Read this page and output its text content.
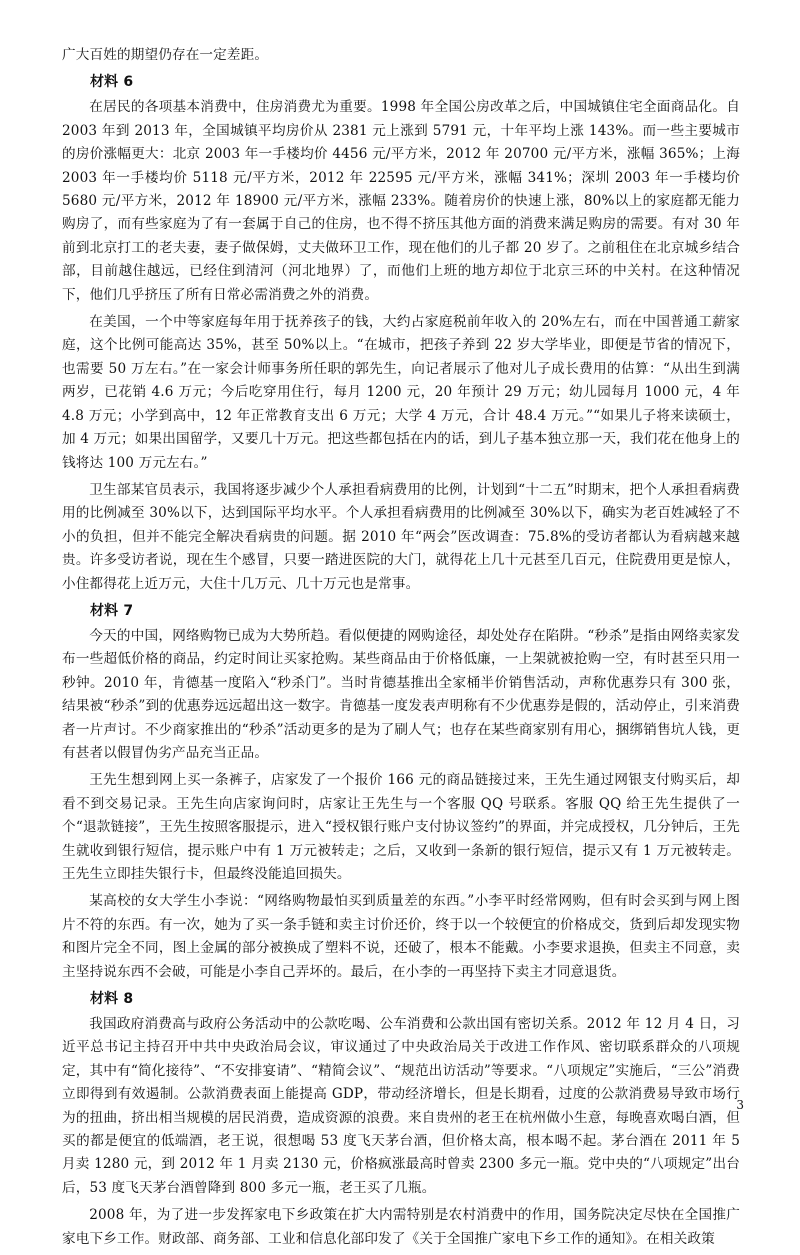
广大百姓的期望仍存在一定差距。

材料 6

在居民的各项基本消费中，住房消费尤为重要。1998 年全国公房改革之后，中国城镇住宅全面商品化。自 2003 年到 2013 年，全国城镇平均房价从 2381 元上涨到 5791 元，十年平均上涨 143%。而一些主要城市的房价涨幅更大：北京 2003 年一手楼均价 4456 元/平方米，2012 年 20700 元/平方米，涨幅 365%；上海 2003 年一手楼均价 5118 元/平方米，2012 年 22595 元/平方米，涨幅 341%；深圳 2003 年一手楼均价 5680 元/平方米，2012 年 18900 元/平方米，涨幅 233%。随着房价的快速上涨，80%以上的家庭都无能力购房了，而有些家庭为了有一套属于自己的住房，也不得不挤压其他方面的消费来满足购房的需要。有对 30 年前到北京打工的老夫妻，妻子做保姆，丈夫做环卫工作，现在他们的儿子都 20 岁了。之前租住在北京城乡结合部，目前越住越远，已经住到清河（河北地界）了，而他们上班的地方却位于北京三环的中关村。在这种情况下，他们几乎挤压了所有日常必需消费之外的消费。

在美国，一个中等家庭每年用于抚养孩子的钱，大约占家庭税前年收入的 20%左右，而在中国普通工薪家庭，这个比例可能高达 35%，甚至 50%以上。“在城市，把孩子养到 22 岁大学毕业，即便是节省的情况下，也需要 50 万左右。”在一家会计师事务所任职的郭先生，向记者展示了他对儿子成长费用的估算：“从出生到满两岁，已花销 4.6 万元；今后吃穿用住行，每月 1200 元，20 年预计 29 万元；幼儿园每月 1000 元，4 年 4.8 万元；小学到高中，12 年正常教育支出 6 万元；大学 4 万元，合计 48.4 万元。”“如果儿子将来读硕士，加 4 万元；如果出国留学，又要几十万元。把这些都包括在内的话，到儿子基本独立那一天，我们花在他身上的钱将达 100 万元左右。”

卫生部某官员表示，我国将逐步减少个人承担看病费用的比例，计划到“十二五”时期末，把个人承担看病费用的比例减至 30%以下，达到国际平均水平。个人承担看病费用的比例减至 30%以下，确实为老百姓减轻了不小的负担，但并不能完全解决看病贵的问题。据 2010 年“两会”医改调查：75.8%的受访者都认为看病越来越贵。许多受访者说，现在生个感冒，只要一踏进医院的大门，就得花上几十元甚至几百元，住院费用更是惊人，小住都得花上近万元，大住十几万元、几十万元也是常事。

材料 7

今天的中国，网络购物已成为大势所趋。看似便捷的网购途径，却处处存在陷阱。“秒杀”是指由网络卖家发布一些超低价格的商品，约定时间让买家抢购。某些商品由于价格低廉，一上架就被抢购一空，有时甚至只用一秒钟。2010 年，肯德基一度陷入“秒杀门”。当时肯德基推出全家桶半价销售活动，声称优惠券只有 300 张，结果被“秒杀”到的优惠券远远超出这一数字。肯德基一度发表声明称有不少优惠券是假的，活动停止，引来消费者一片声讨。不少商家推出的“秒杀”活动更多的是为了刷人气；也存在某些商家别有用心，捆绑销售坑人钱，更有甚者以假冒伪劣产品充当正品。

王先生想到网上买一条裤子，店家发了一个报价 166 元的商品链接过来，王先生通过网银支付购买后，却看不到交易记录。王先生向店家询问时，店家让王先生与一个客服 QQ 号联系。客服 QQ 给王先生提供了一个“退款链接”，王先生按照客服提示，进入“授权银行账户支付协议签约”的界面，并完成授权，几分钟后，王先生就收到银行短信，提示账户中有 1 万元被转走；之后，又收到一条新的银行短信，提示又有 1 万元被转走。王先生立即挂失银行卡，但最终没能追回损失。

某高校的女大学生小李说：“网络购物最怕买到质量差的东西。”小李平时经常网购，但有时会买到与网上图片不符的东西。有一次，她为了买一条手链和卖主讨价还价，终于以一个较便宜的价格成交，货到后却发现实物和图片完全不同，图上金属的部分被换成了塑料不说，还破了，根本不能戴。小李要求退换，但卖主不同意，卖主坚持说东西不会破，可能是小李自己弄坏的。最后，在小李的一再坚持下卖主才同意退货。

材料 8

我国政府消费高与政府公务活动中的公款吃喝、公车消费和公款出国有密切关系。2012 年 12 月 4 日，习近平总书记主持召开中共中央政治局会议，审议通过了中央政治局关于改进工作作风、密切联系群众的八项规定，其中有“简化接待”、“不安排宴请”、“精简会议”、“规范出访活动”等要求。“八项规定”实施后，“三公”消费立即得到有效遏制。公款消费表面上能提高 GDP，带动经济增长，但是长期看，过度的公款消费易导致市场行为的扭曲，挤出相当规模的居民消费，造成资源的浪费。来自贵州的老王在杭州做小生意，每晚喜欢喝白酒，但买的都是便宜的低端酒，老王说，很想喝 53 度飞天茅台酒，但价格太高，根本喝不起。茅台酒在 2011 年 5 月卖 1280 元，到 2012 年 1 月卖 2130 元，价格疯涨最高时曾卖 2300 多元一瓶。党中央的“八项规定”出台后，53 度飞天茅台酒曾降到 800 多元一瓶，老王买了几瓶。

2008 年，为了进一步发挥家电下乡政策在扩大内需特别是农村消费中的作用，国务院决定尽快在全国推广家电下乡工作。财政部、商务部、工业和信息化部印发了《关于全国推广家电下乡工作的通知》。在相关政策

3
